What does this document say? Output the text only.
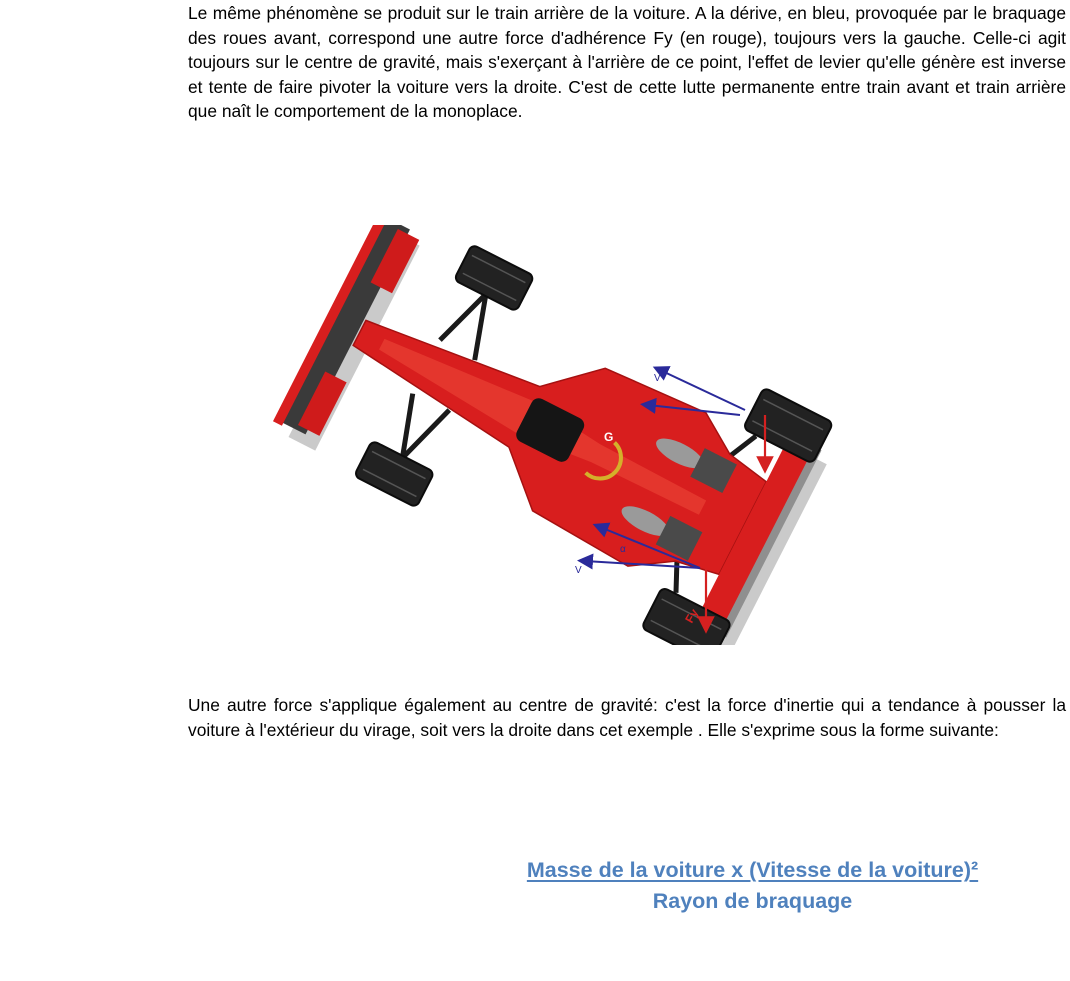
Le même phénomène se produit sur le train arrière de la voiture. A la dérive, en bleu, provoquée par le braquage des roues avant, correspond une autre force d'adhérence Fy (en rouge), toujours vers la gauche. Celle-ci agit toujours sur le centre de gravité, mais s'exerçant à l'arrière de ce point, l'effet de levier qu'elle génère est inverse et tente de faire pivoter la voiture vers la droite. C'est de cette lutte permanente entre train avant et train arrière que naît le comportement de la monoplace.

Fy
G
V
V
α

Une autre force s'applique également au centre de gravité: c'est la force d'inertie qui a tendance à pousser la voiture à l'extérieur du virage, soit vers la droite dans cet exemple . Elle s'exprime sous la forme suivante:

Masse de la voiture x (Vitesse de la voiture)²
Rayon de braquage
